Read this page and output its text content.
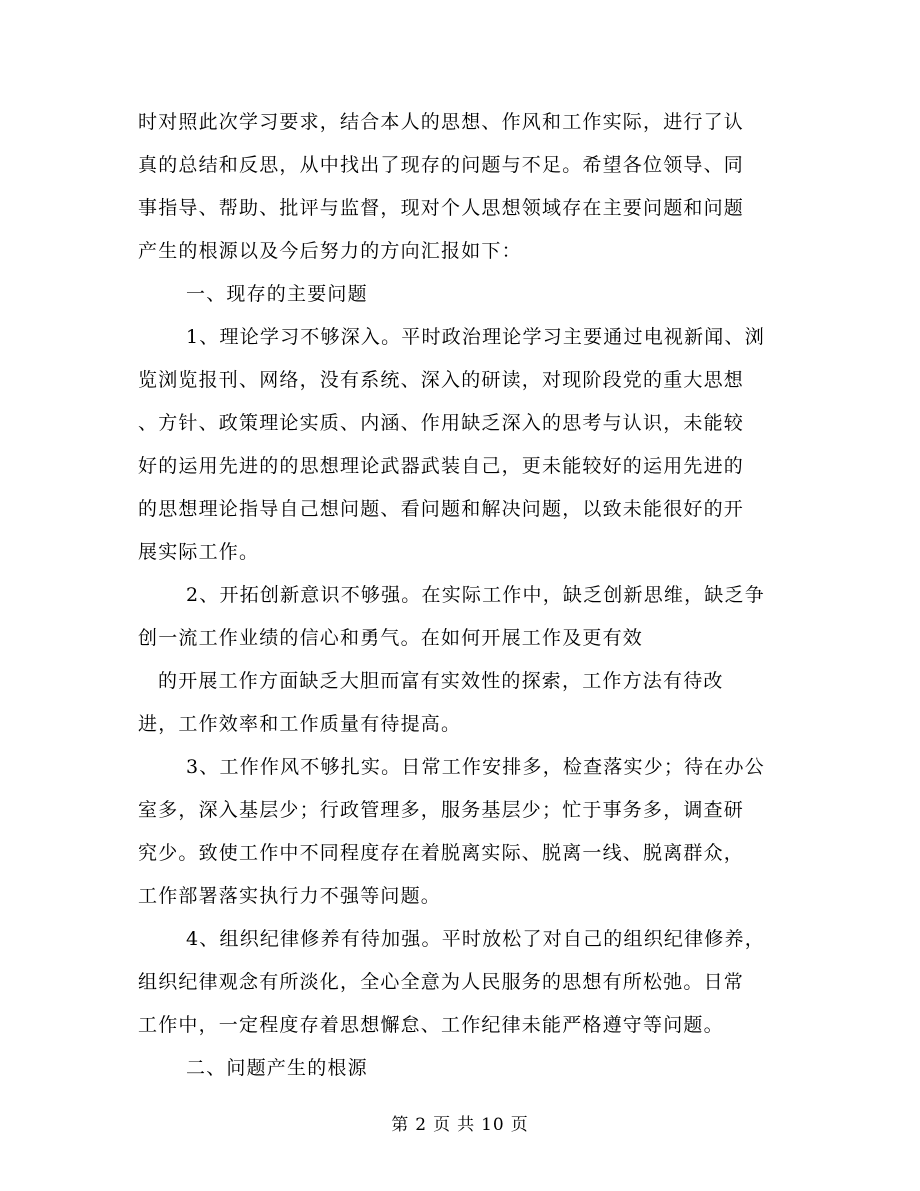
时对照此次学习要求，结合本人的思想、作风和工作实际，进行了认
真的总结和反思，从中找出了现存的问题与不足。希望各位领导、同
事指导、帮助、批评与监督，现对个人思想领域存在主要问题和问题
产生的根源以及今后努力的方向汇报如下：
一、现存的主要问题
1、理论学习不够深入。平时政治理论学习主要通过电视新闻、浏
览浏览报刊、网络，没有系统、深入的研读，对现阶段党的重大思想
、方针、政策理论实质、内涵、作用缺乏深入的思考与认识，未能较
好的运用先进的的思想理论武器武装自己，更未能较好的运用先进的
的思想理论指导自己想问题、看问题和解决问题，以致未能很好的开
展实际工作。
2、开拓创新意识不够强。在实际工作中，缺乏创新思维，缺乏争
创一流工作业绩的信心和勇气。在如何开展工作及更有效
的开展工作方面缺乏大胆而富有实效性的探索，工作方法有待改
进，工作效率和工作质量有待提高。
3、工作作风不够扎实。日常工作安排多，检查落实少；待在办公
室多，深入基层少；行政管理多，服务基层少；忙于事务多，调查研
究少。致使工作中不同程度存在着脱离实际、脱离一线、脱离群众，
工作部署落实执行力不强等问题。
4、组织纪律修养有待加强。平时放松了对自己的组织纪律修养，
组织纪律观念有所淡化，全心全意为人民服务的思想有所松弛。日常
工作中，一定程度存着思想懈怠、工作纪律未能严格遵守等问题。
二、问题产生的根源
第 2 页 共 10 页
